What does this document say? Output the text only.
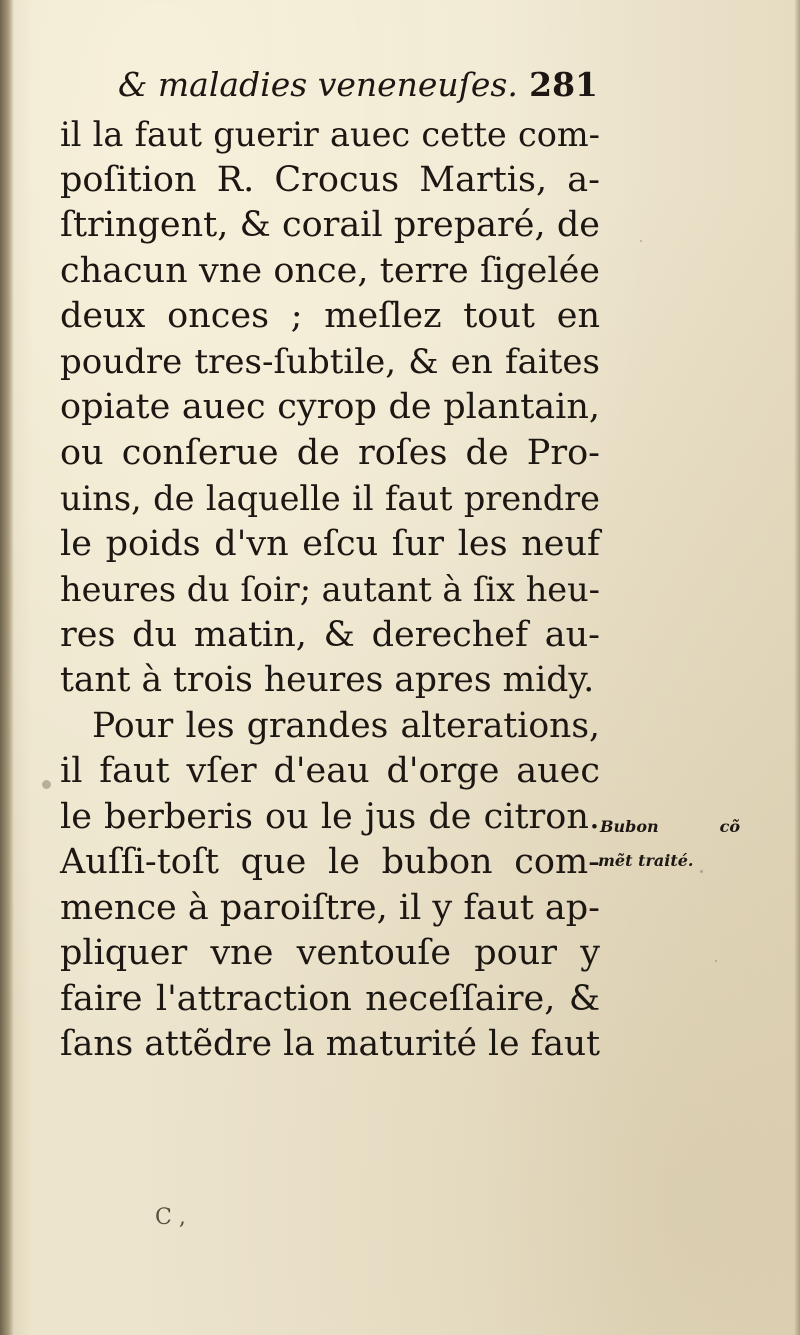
& maladies veneneuſes. 281
il la faut guerir auec cette com-
poſition R. Crocus Martis, a-
ſtringent, & corail preparé, de
chacun vne once, terre ſigelée
deux onces ; meſlez tout en
poudre tres-ſubtile, & en faites
opiate auec cyrop de plantain,
ou conſerue de roſes de Pro-
uins, de laquelle il faut prendre
le poids d'vn eſcu ſur les neuf
heures du ſoir; autant à ſix heu-
res du matin, & derechef au-
tant à trois heures apres midy.
Pour les grandes alterations,
il faut vſer d'eau d'orge auec
le berberis ou le jus de citron.
Auſſi-toſt que le bubon com-
mence à paroiſtre, il y faut ap-
pliquer vne ventouſe pour y
faire l'attraction neceſſaire, &
ſans attẽdre la maturité le faut
Bubon	cõ
mẽt traité.
C ,
